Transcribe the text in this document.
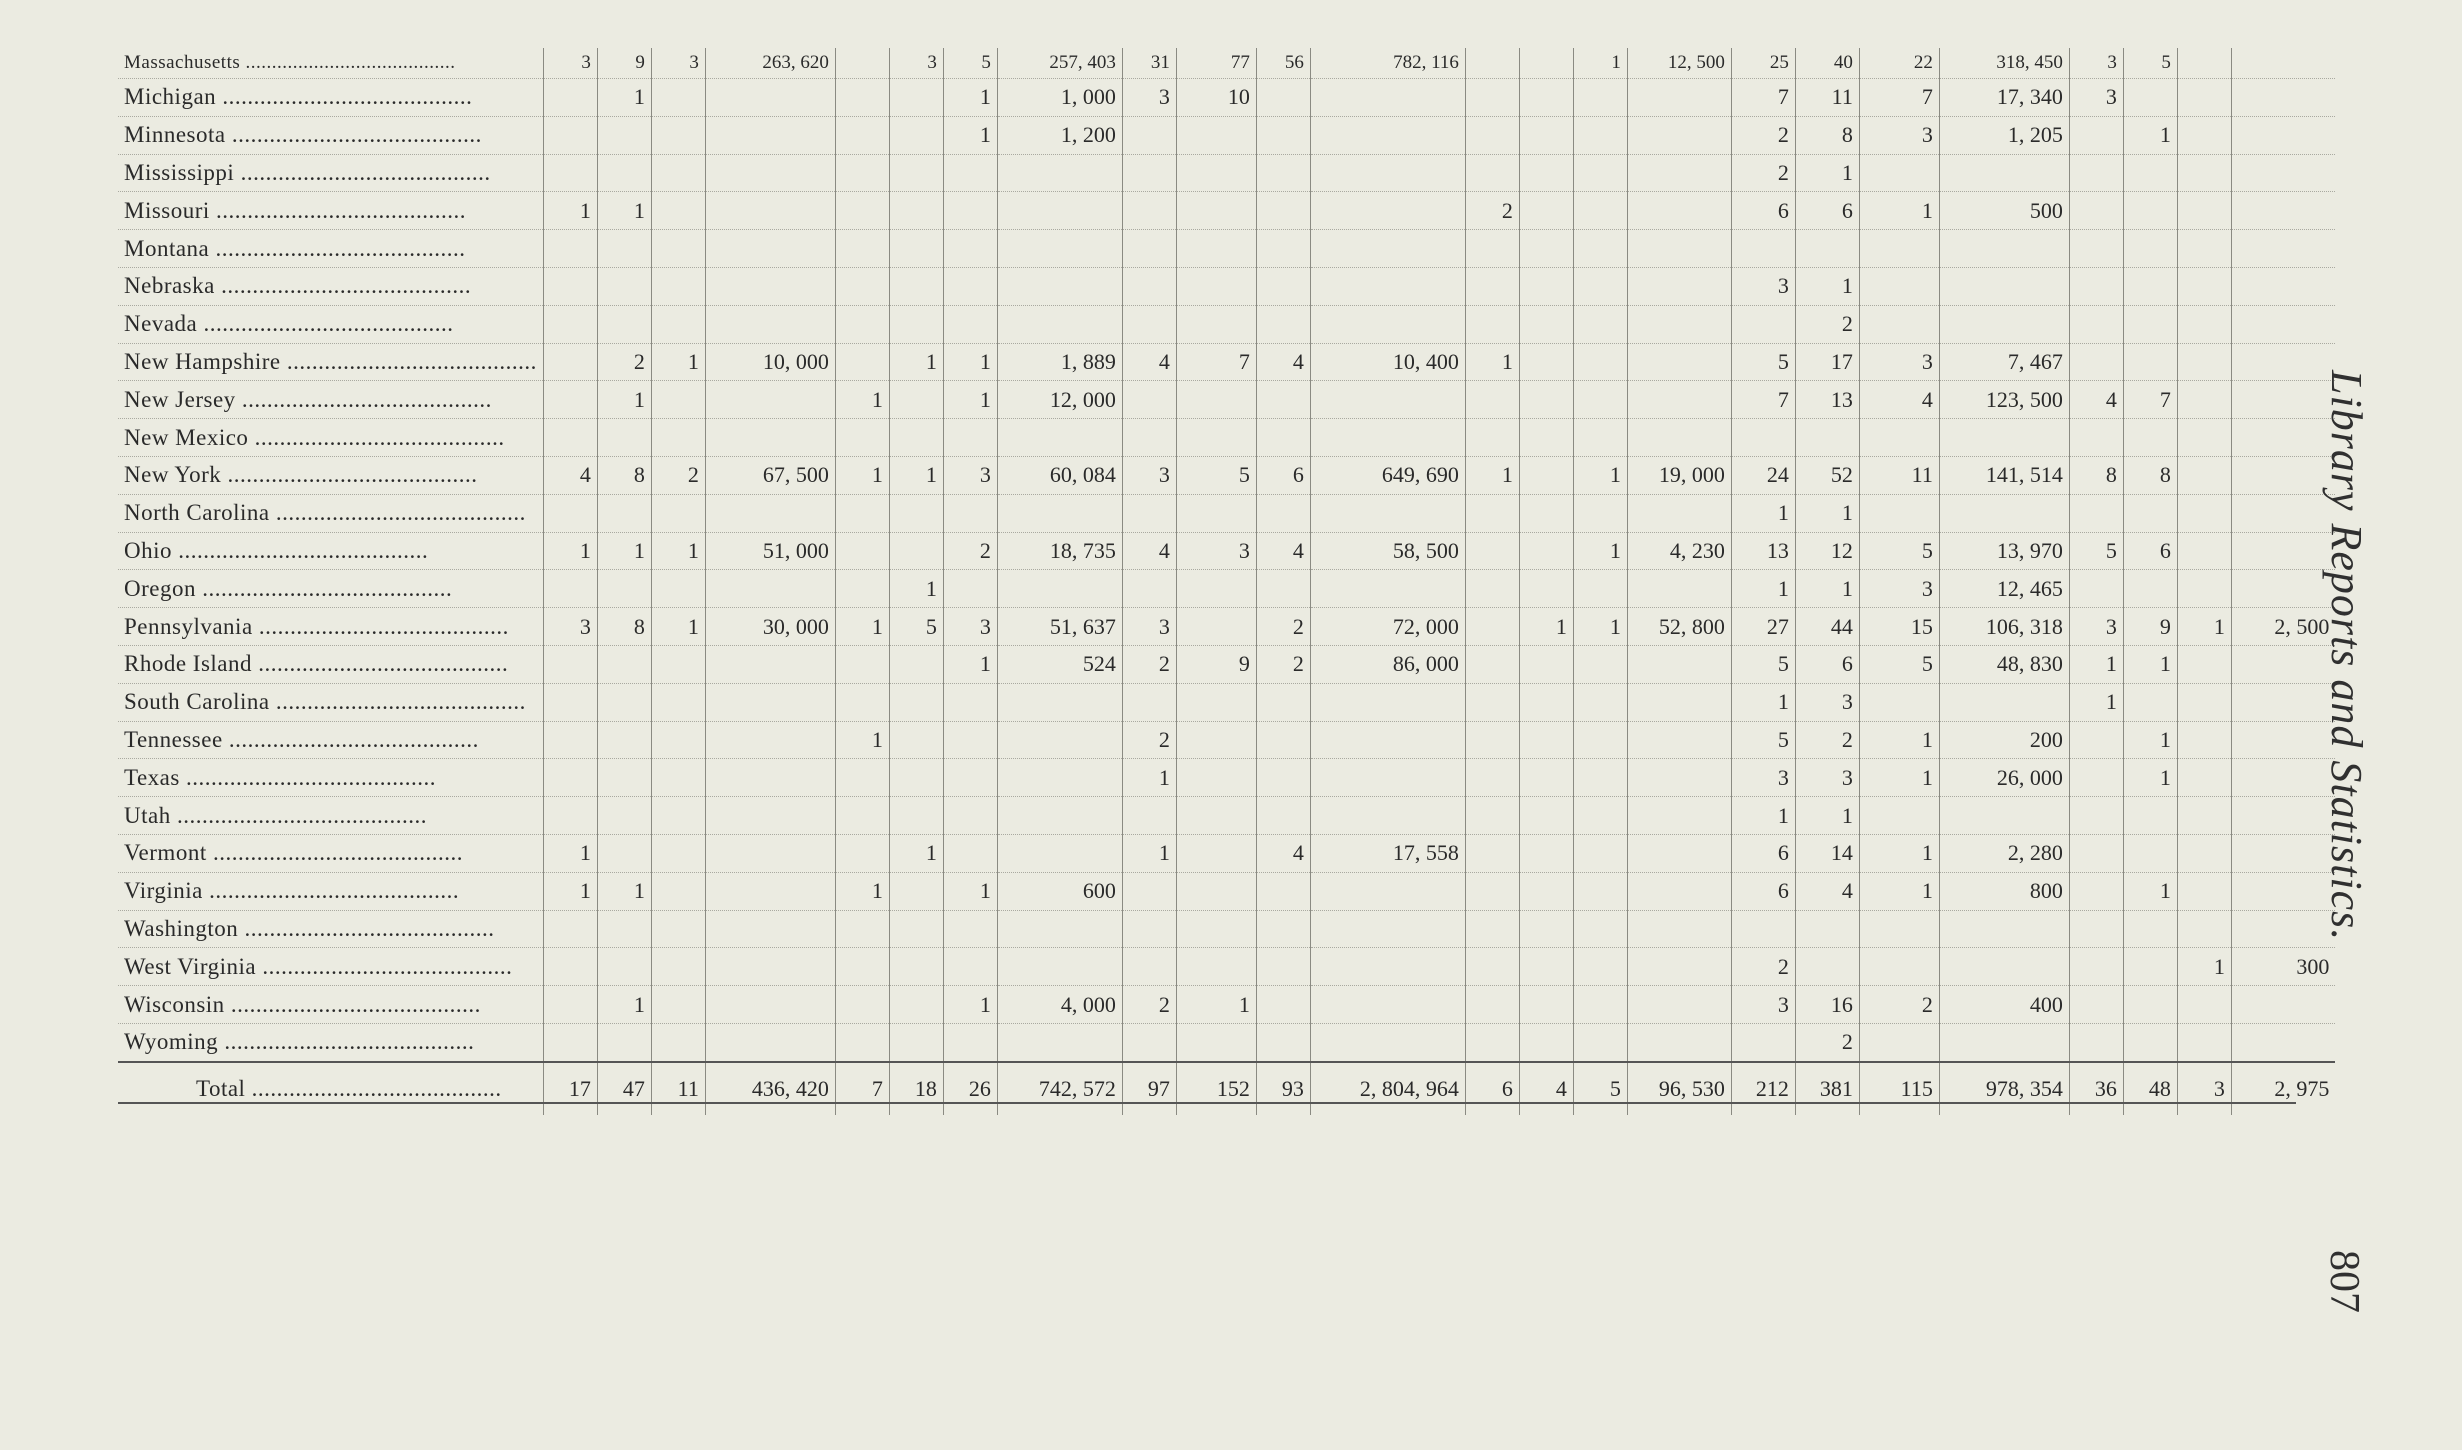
Massachusetts ........................................	3	9	3	263, 620		3	5	257, 403	31	77	56	782, 116			1	12, 500	25	40	22	318, 450	3	5		
Michigan ........................................		1					1	1, 000	3	10							7	11	7	17, 340	3			
Minnesota ........................................							1	1, 200									2	8	3	1, 205		1		
Mississippi ........................................																	2	1						
Missouri ........................................	1	1											2				6	6	1	500				
Montana ........................................																								
Nebraska ........................................																	3	1						
Nevada ........................................																		2						
New Hampshire ........................................		2	1	10, 000		1	1	1, 889	4	7	4	10, 400	1				5	17	3	7, 467				
New Jersey ........................................		1			1		1	12, 000									7	13	4	123, 500	4	7		
New Mexico ........................................																								
New York ........................................	4	8	2	67, 500	1	1	3	60, 084	3	5	6	649, 690	1		1	19, 000	24	52	11	141, 514	8	8		
North Carolina ........................................																	1	1						
Ohio ........................................	1	1	1	51, 000			2	18, 735	4	3	4	58, 500			1	4, 230	13	12	5	13, 970	5	6		
Oregon ........................................						1											1	1	3	12, 465				
Pennsylvania ........................................	3	8	1	30, 000	1	5	3	51, 637	3		2	72, 000		1	1	52, 800	27	44	15	106, 318	3	9	1	2, 500
Rhode Island ........................................							1	524	2	9	2	86, 000					5	6	5	48, 830	1	1		
South Carolina ........................................																	1	3			1			
Tennessee ........................................					1				2								5	2	1	200		1		
Texas ........................................									1								3	3	1	26, 000		1		
Utah ........................................																	1	1						
Vermont ........................................	1					1			1		4	17, 558					6	14	1	2, 280				
Virginia ........................................	1	1			1		1	600									6	4	1	800		1		
Washington ........................................																								
West Virginia ........................................																	2						1	300
Wisconsin ........................................		1					1	4, 000	2	1							3	16	2	400				
Wyoming ........................................																		2						
Total ........................................	17	47	11	436, 420	7	18	26	742, 572	97	152	93	2, 804, 964	6	4	5	96, 530	212	381	115	978, 354	36	48	3	2, 975
Library Reports and Statistics.
807
